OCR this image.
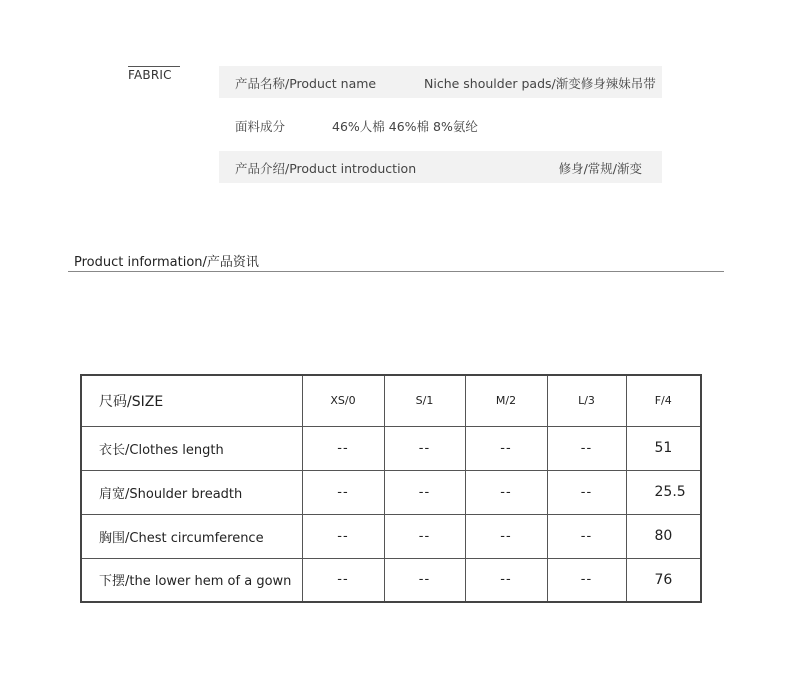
FABRIC
产品名称/Product name	Niche shoulder pads/渐变修身辣妹吊带
面料成分	46%人棉 46%棉 8%氨纶
产品介绍/Product introduction	修身/常规/渐变
Product information/产品资讯
尺码/SIZE	XS/0	S/1	M/2	L/3	F/4
衣长/Clothes length	--	--	--	--	51
肩宽/Shoulder breadth	--	--	--	--	25.5
胸围/Chest circumference	--	--	--	--	80
下摆/the lower hem of a gown	--	--	--	--	76
